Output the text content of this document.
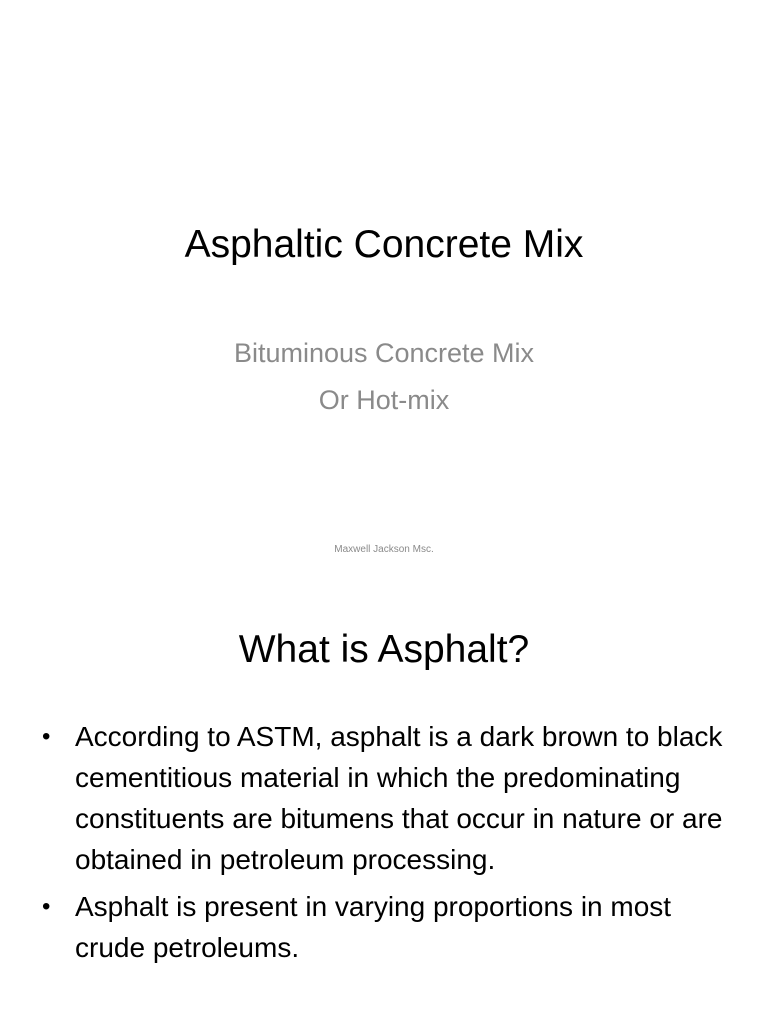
Asphaltic Concrete Mix
Bituminous Concrete Mix
Or Hot-mix
Maxwell Jackson Msc.
What is Asphalt?
• According to ASTM, asphalt is a dark brown to black cementitious material in which the predominating constituents are bitumens that occur in nature or are obtained in petroleum processing.
• Asphalt is present in varying proportions in most crude petroleums.
